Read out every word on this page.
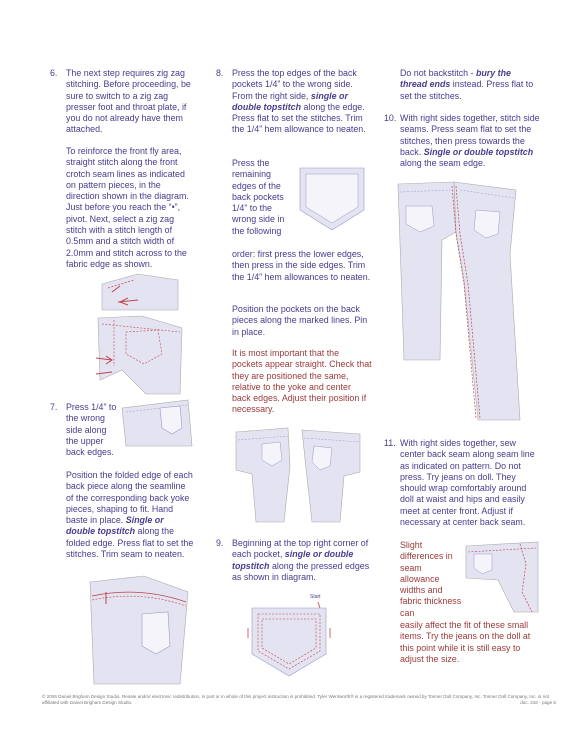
6. The next step requires zig zag stitching. Before proceeding, be sure to switch to a zig zag presser foot and throat plate, if you do not already have them attached.

To reinforce the front fly area, straight stitch along the front crotch seam lines as indicated on pattern pieces, in the direction shown in the diagram. Just before you reach the “•”, pivot. Next, select a zig zag stitch with a stitch length of 0.5mm and a stitch width of 2.0mm and stitch across to the fabric edge as shown.

7. Press 1/4” to the wrong side along the upper back edges.

Position the folded edge of each back piece along the seamline of the corresponding back yoke pieces, shaping to fit. Hand baste in place. Single or double topstitch along the folded edge. Press flat to set the stitches. Trim seam to neaten.

8. Press the top edges of the back pockets 1/4” to the wrong side. From the right side, single or double topstitch along the edge. Press flat to set the stitches. Trim the 1/4” hem allowance to neaten.

Press the remaining edges of the back pockets 1/4” to the wrong side in the following

order: first press the lower edges, then press in the side edges. Trim the 1/4” hem allowances to neaten.

Position the pockets on the back pieces along the marked lines. Pin in place.

It is most important that the pockets appear straight. Check that they are positioned the same, relative to the yoke and center back edges. Adjust their position if necessary.

9. Beginning at the top right corner of each pocket, single or double topstitch along the pressed edges as shown in diagram.

Start

Do not backstitch - bury the thread ends instead. Press flat to set the stitches.

10. With right sides together, stitch side seams. Press seam flat to set the stitches, then press towards the back. Single or double topstitch along the seam edge.

11. With right sides together, sew center back seam along seam line as indicated on pattern. Do not press. Try jeans on doll. They should wrap comfortably around doll at waist and hips and easily meet at center front. Adjust if necessary at center back seam.

Slight differences in seam allowance widths and fabric thickness can

easily affect the fit of these small items. Try the jeans on the doll at this point while it is still easy to adjust the size.

© 2006 Daniel Brigham Design Studio. Resale and/or electronic redistribution, in part or in whole of this project instruction is prohibited. Tyler Wentworth® is a registered trademark owned by Tonner Doll Company, Inc. Tonner Doll Company, Inc. is not affiliated with Daniel Brigham Design Studio.	doc. 216 - page 5
